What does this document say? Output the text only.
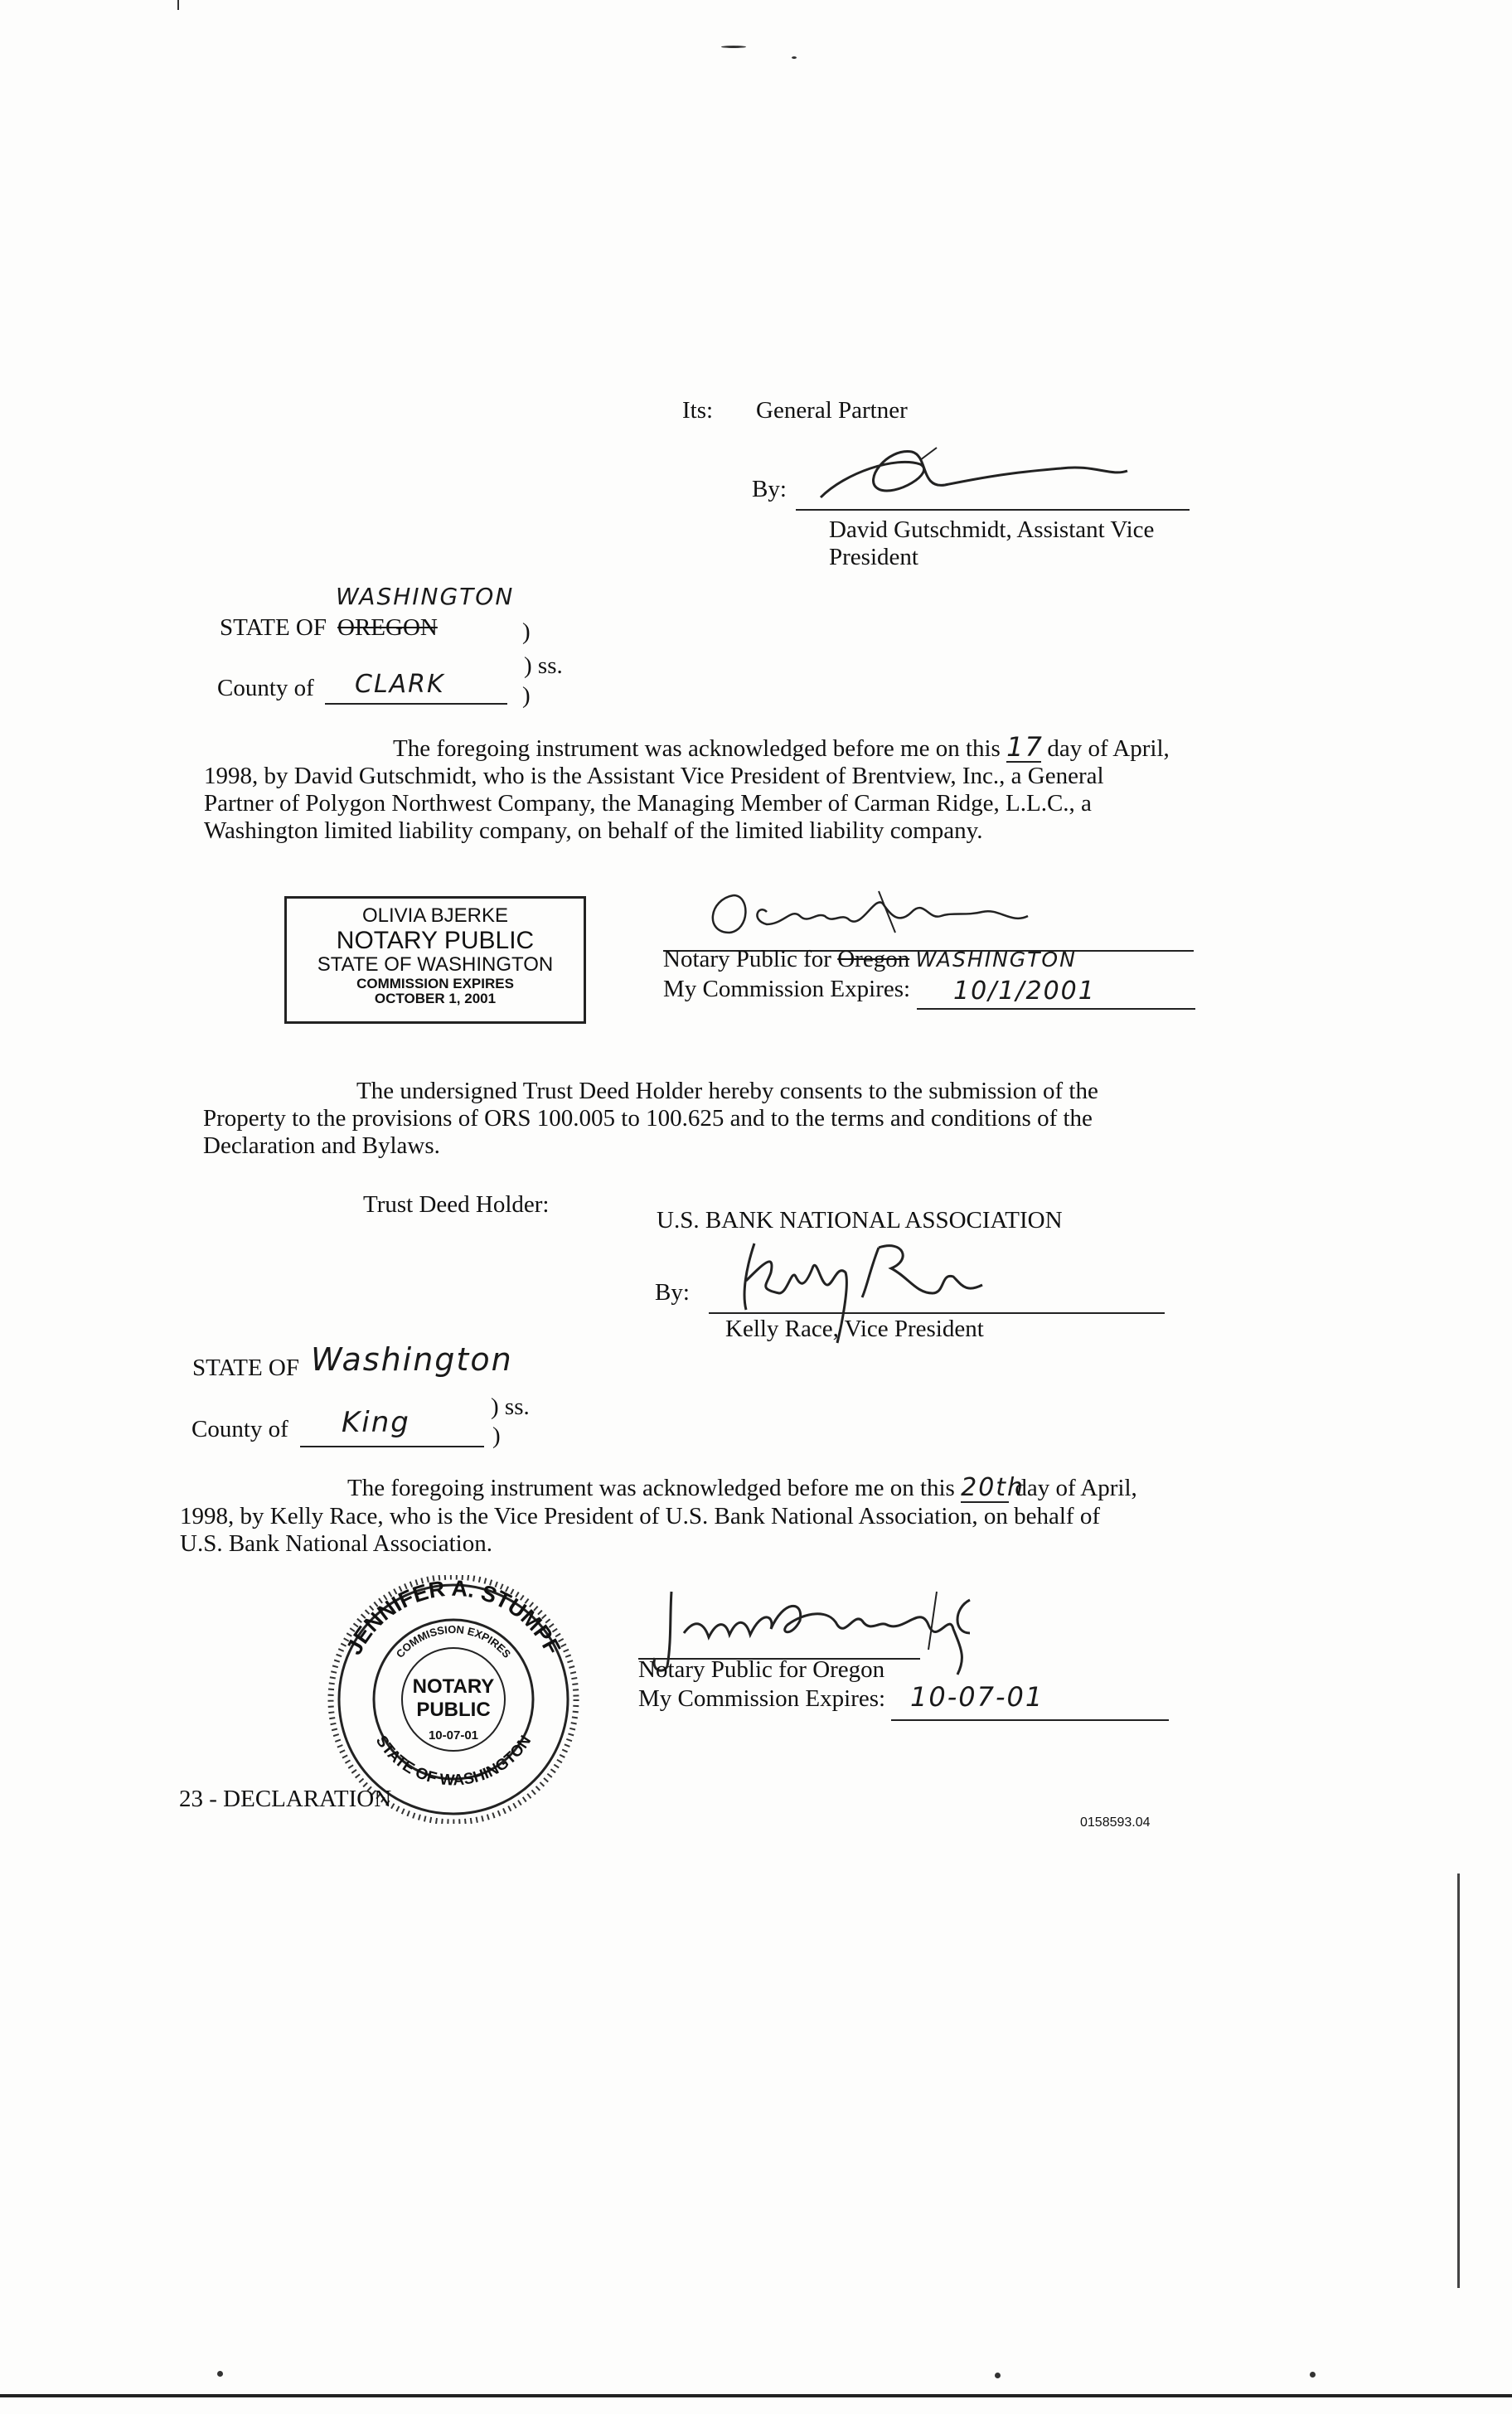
Its: General Partner
By:
David Gutschmidt, Assistant Vice
President
WASHINGTON
STATE OF OREGON	)
) ss.
County of CLARK	)
The foregoing instrument was acknowledged before me on this 17 day of April,
1998, by David Gutschmidt, who is the Assistant Vice President of Brentview, Inc., a General
Partner of Polygon Northwest Company, the Managing Member of Carman Ridge, L.L.C., a
Washington limited liability company, on behalf of the limited liability company.
OLIVIA BJERKE
NOTARY PUBLIC
STATE OF WASHINGTON
COMMISSION EXPIRES
OCTOBER 1, 2001
Notary Public for Oregon WASHINGTON
My Commission Expires: 10/1/2001
The undersigned Trust Deed Holder hereby consents to the submission of the
Property to the provisions of ORS 100.005 to 100.625 and to the terms and conditions of the
Declaration and Bylaws.
Trust Deed Holder:
U.S. BANK NATIONAL ASSOCIATION
By:
Kelly Race, Vice President
STATE OF Washington
) ss.
County of King	)
The foregoing instrument was acknowledged before me on this 20th day of April,
1998, by Kelly Race, who is the Vice President of U.S. Bank National Association, on behalf of
U.S. Bank National Association.
JENNIFER A. STUMPF
STATE OF WASHINGTON
COMMISSION EXPIRES
NOTARY
PUBLIC
10-07-01
Notary Public for Oregon
My Commission Expires: 10-07-01
23 - DECLARATION
0158593.04
